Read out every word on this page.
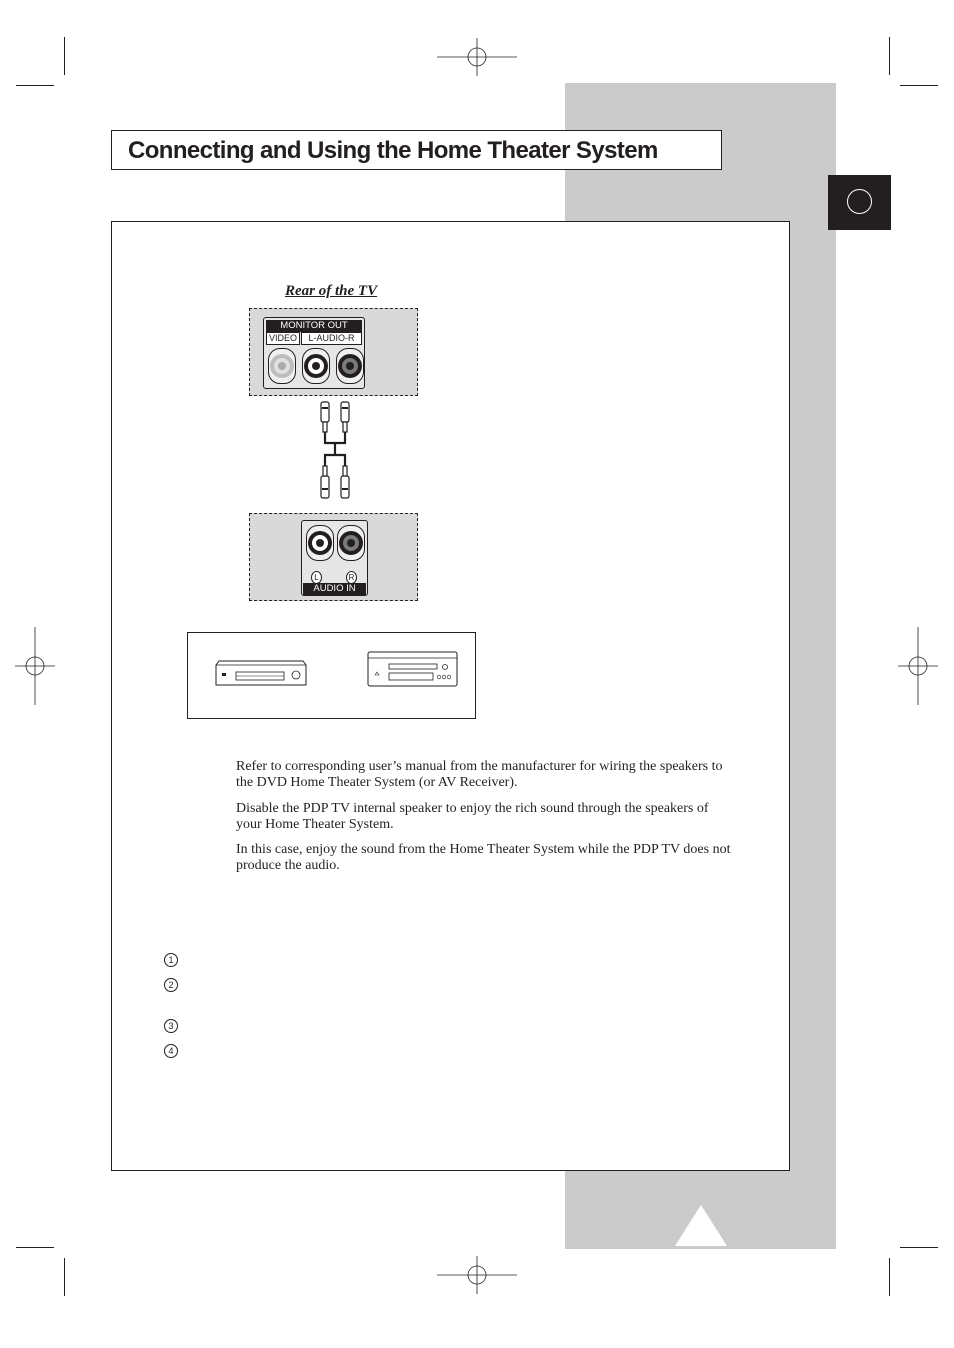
Connecting and Using the Home Theater System
Rear of the TV
MONITOR OUT
VIDEO	L-AUDIO-R
L	R
AUDIO IN
Refer to corresponding user’s manual from the manufacturer for wiring the speakers to the DVD Home Theater System (or AV Receiver).
Disable the PDP TV internal speaker to enjoy the rich sound through the speakers of your Home Theater System.
In this case, enjoy the sound from the Home Theater System while the PDP TV does not produce the audio.
1
2
3
4
